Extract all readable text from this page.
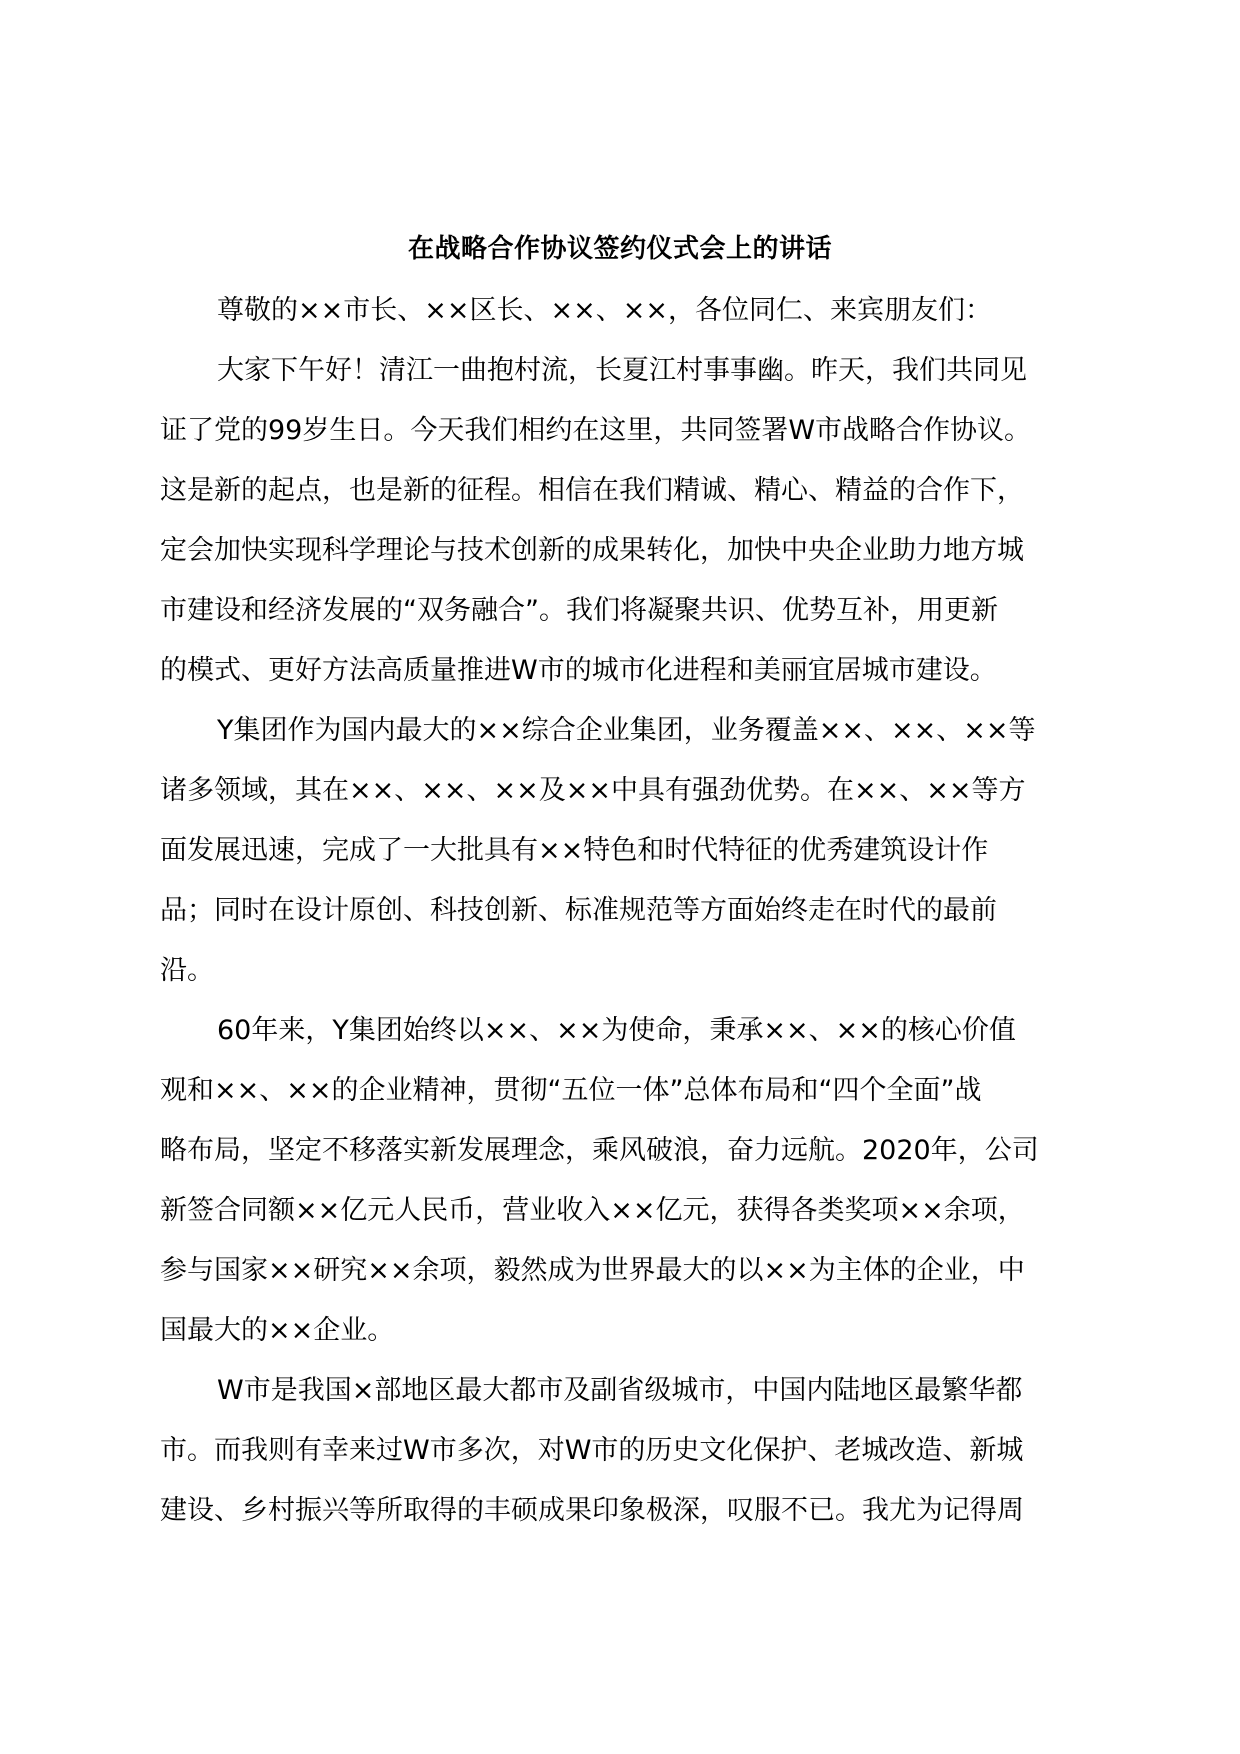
在战略合作协议签约仪式会上的讲话
尊敬的××市长、××区长、××、××，各位同仁、来宾朋友们：
大家下午好！清江一曲抱村流，长夏江村事事幽。昨天，我们共同见
证了党的99岁生日。今天我们相约在这里，共同签署W市战略合作协议。
这是新的起点，也是新的征程。相信在我们精诚、精心、精益的合作下，
定会加快实现科学理论与技术创新的成果转化，加快中央企业助力地方城
市建设和经济发展的“双务融合”。我们将凝聚共识、优势互补，用更新
的模式、更好方法高质量推进W市的城市化进程和美丽宜居城市建设。
Y集团作为国内最大的××综合企业集团，业务覆盖××、××、××等
诸多领域，其在××、××、××及××中具有强劲优势。在××、××等方
面发展迅速，完成了一大批具有××特色和时代特征的优秀建筑设计作
品；同时在设计原创、科技创新、标准规范等方面始终走在时代的最前
沿。
60年来，Y集团始终以××、××为使命，秉承××、××的核心价值
观和××、××的企业精神，贯彻“五位一体”总体布局和“四个全面”战
略布局，坚定不移落实新发展理念，乘风破浪，奋力远航。2020年，公司
新签合同额××亿元人民币，营业收入××亿元，获得各类奖项××余项，
参与国家××研究××余项，毅然成为世界最大的以××为主体的企业，中
国最大的××企业。
W市是我国×部地区最大都市及副省级城市，中国内陆地区最繁华都
市。而我则有幸来过W市多次，对W市的历史文化保护、老城改造、新城
建设、乡村振兴等所取得的丰硕成果印象极深，叹服不已。我尤为记得周
